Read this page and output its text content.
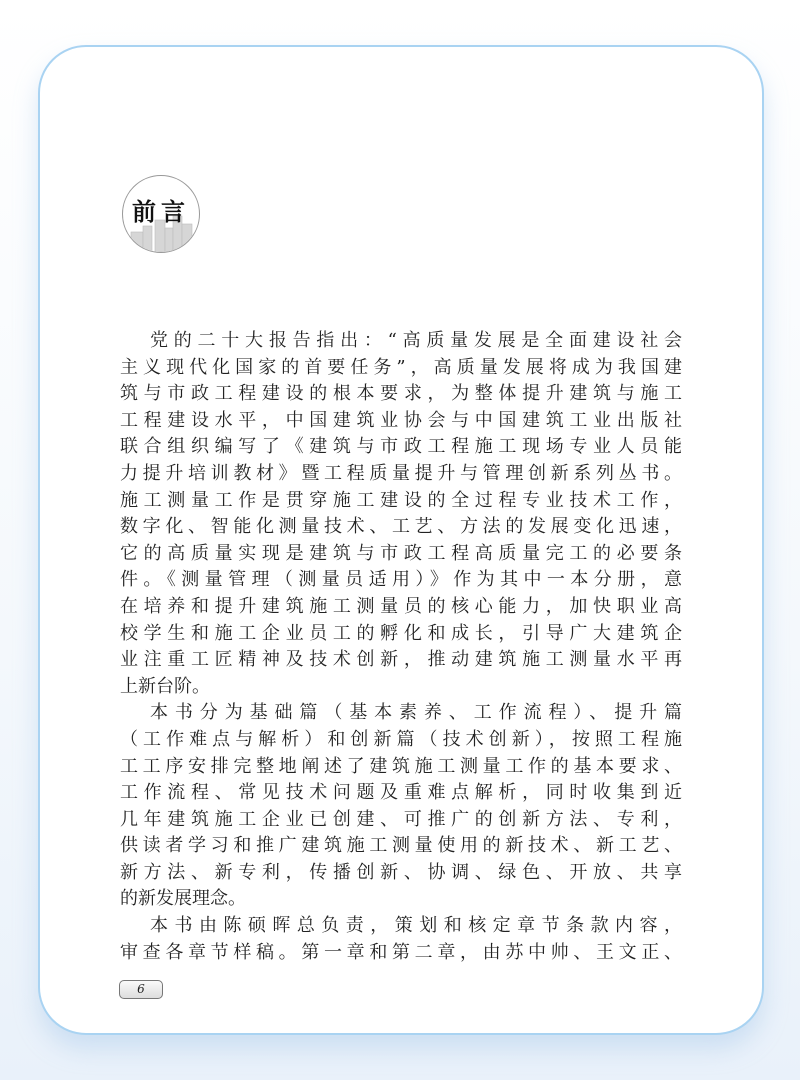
前言
党的二十大报告指出：“高质量发展是全面建设社会
主义现代化国家的首要任务”，高质量发展将成为我国建
筑与市政工程建设的根本要求，为整体提升建筑与施工
工程建设水平，中国建筑业协会与中国建筑工业出版社
联合组织编写了《建筑与市政工程施工现场专业人员能
力提升培训教材》暨工程质量提升与管理创新系列丛书。
施工测量工作是贯穿施工建设的全过程专业技术工作，
数字化、智能化测量技术、工艺、方法的发展变化迅速，
它的高质量实现是建筑与市政工程高质量完工的必要条
件。《测量管理（测量员适用）》作为其中一本分册，意
在培养和提升建筑施工测量员的核心能力，加快职业高
校学生和施工企业员工的孵化和成长，引导广大建筑企
业注重工匠精神及技术创新，推动建筑施工测量水平再
上新台阶。
本书分为基础篇（基本素养、工作流程）、提升篇
（工作难点与解析）和创新篇（技术创新），按照工程施
工工序安排完整地阐述了建筑施工测量工作的基本要求、
工作流程、常见技术问题及重难点解析，同时收集到近
几年建筑施工企业已创建、可推广的创新方法、专利，
供读者学习和推广建筑施工测量使用的新技术、新工艺、
新方法、新专利，传播创新、协调、绿色、开放、共享
的新发展理念。
本书由陈硕晖总负责，策划和核定章节条款内容，
审查各章节样稿。第一章和第二章，由苏中帅、王文正、
6
